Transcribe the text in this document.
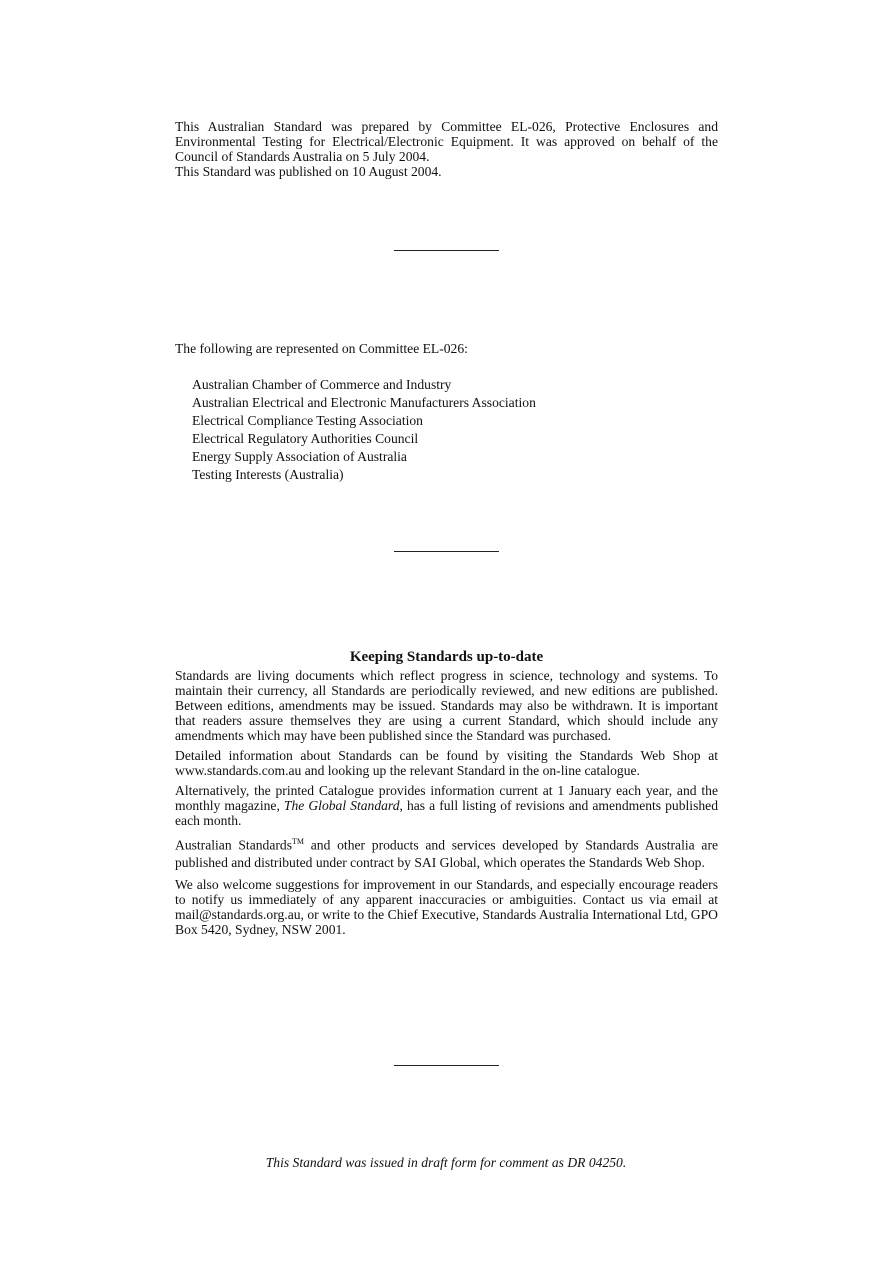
This Australian Standard was prepared by Committee EL-026, Protective Enclosures and Environmental Testing for Electrical/Electronic Equipment. It was approved on behalf of the Council of Standards Australia on 5 July 2004.
This Standard was published on 10 August 2004.
The following are represented on Committee EL-026:
Australian Chamber of Commerce and Industry
Australian Electrical and Electronic Manufacturers Association
Electrical Compliance Testing Association
Electrical Regulatory Authorities Council
Energy Supply Association of Australia
Testing Interests (Australia)
Keeping Standards up-to-date

Standards are living documents which reflect progress in science, technology and systems. To maintain their currency, all Standards are periodically reviewed, and new editions are published. Between editions, amendments may be issued. Standards may also be withdrawn. It is important that readers assure themselves they are using a current Standard, which should include any amendments which may have been published since the Standard was purchased.

Detailed information about Standards can be found by visiting the Standards Web Shop at www.standards.com.au and looking up the relevant Standard in the on-line catalogue.

Alternatively, the printed Catalogue provides information current at 1 January each year, and the monthly magazine, The Global Standard, has a full listing of revisions and amendments published each month.

Australian Standards™ and other products and services developed by Standards Australia are published and distributed under contract by SAI Global, which operates the Standards Web Shop.

We also welcome suggestions for improvement in our Standards, and especially encourage readers to notify us immediately of any apparent inaccuracies or ambiguities. Contact us via email at mail@standards.org.au, or write to the Chief Executive, Standards Australia International Ltd, GPO Box 5420, Sydney, NSW 2001.

This Standard was issued in draft form for comment as DR 04250.
